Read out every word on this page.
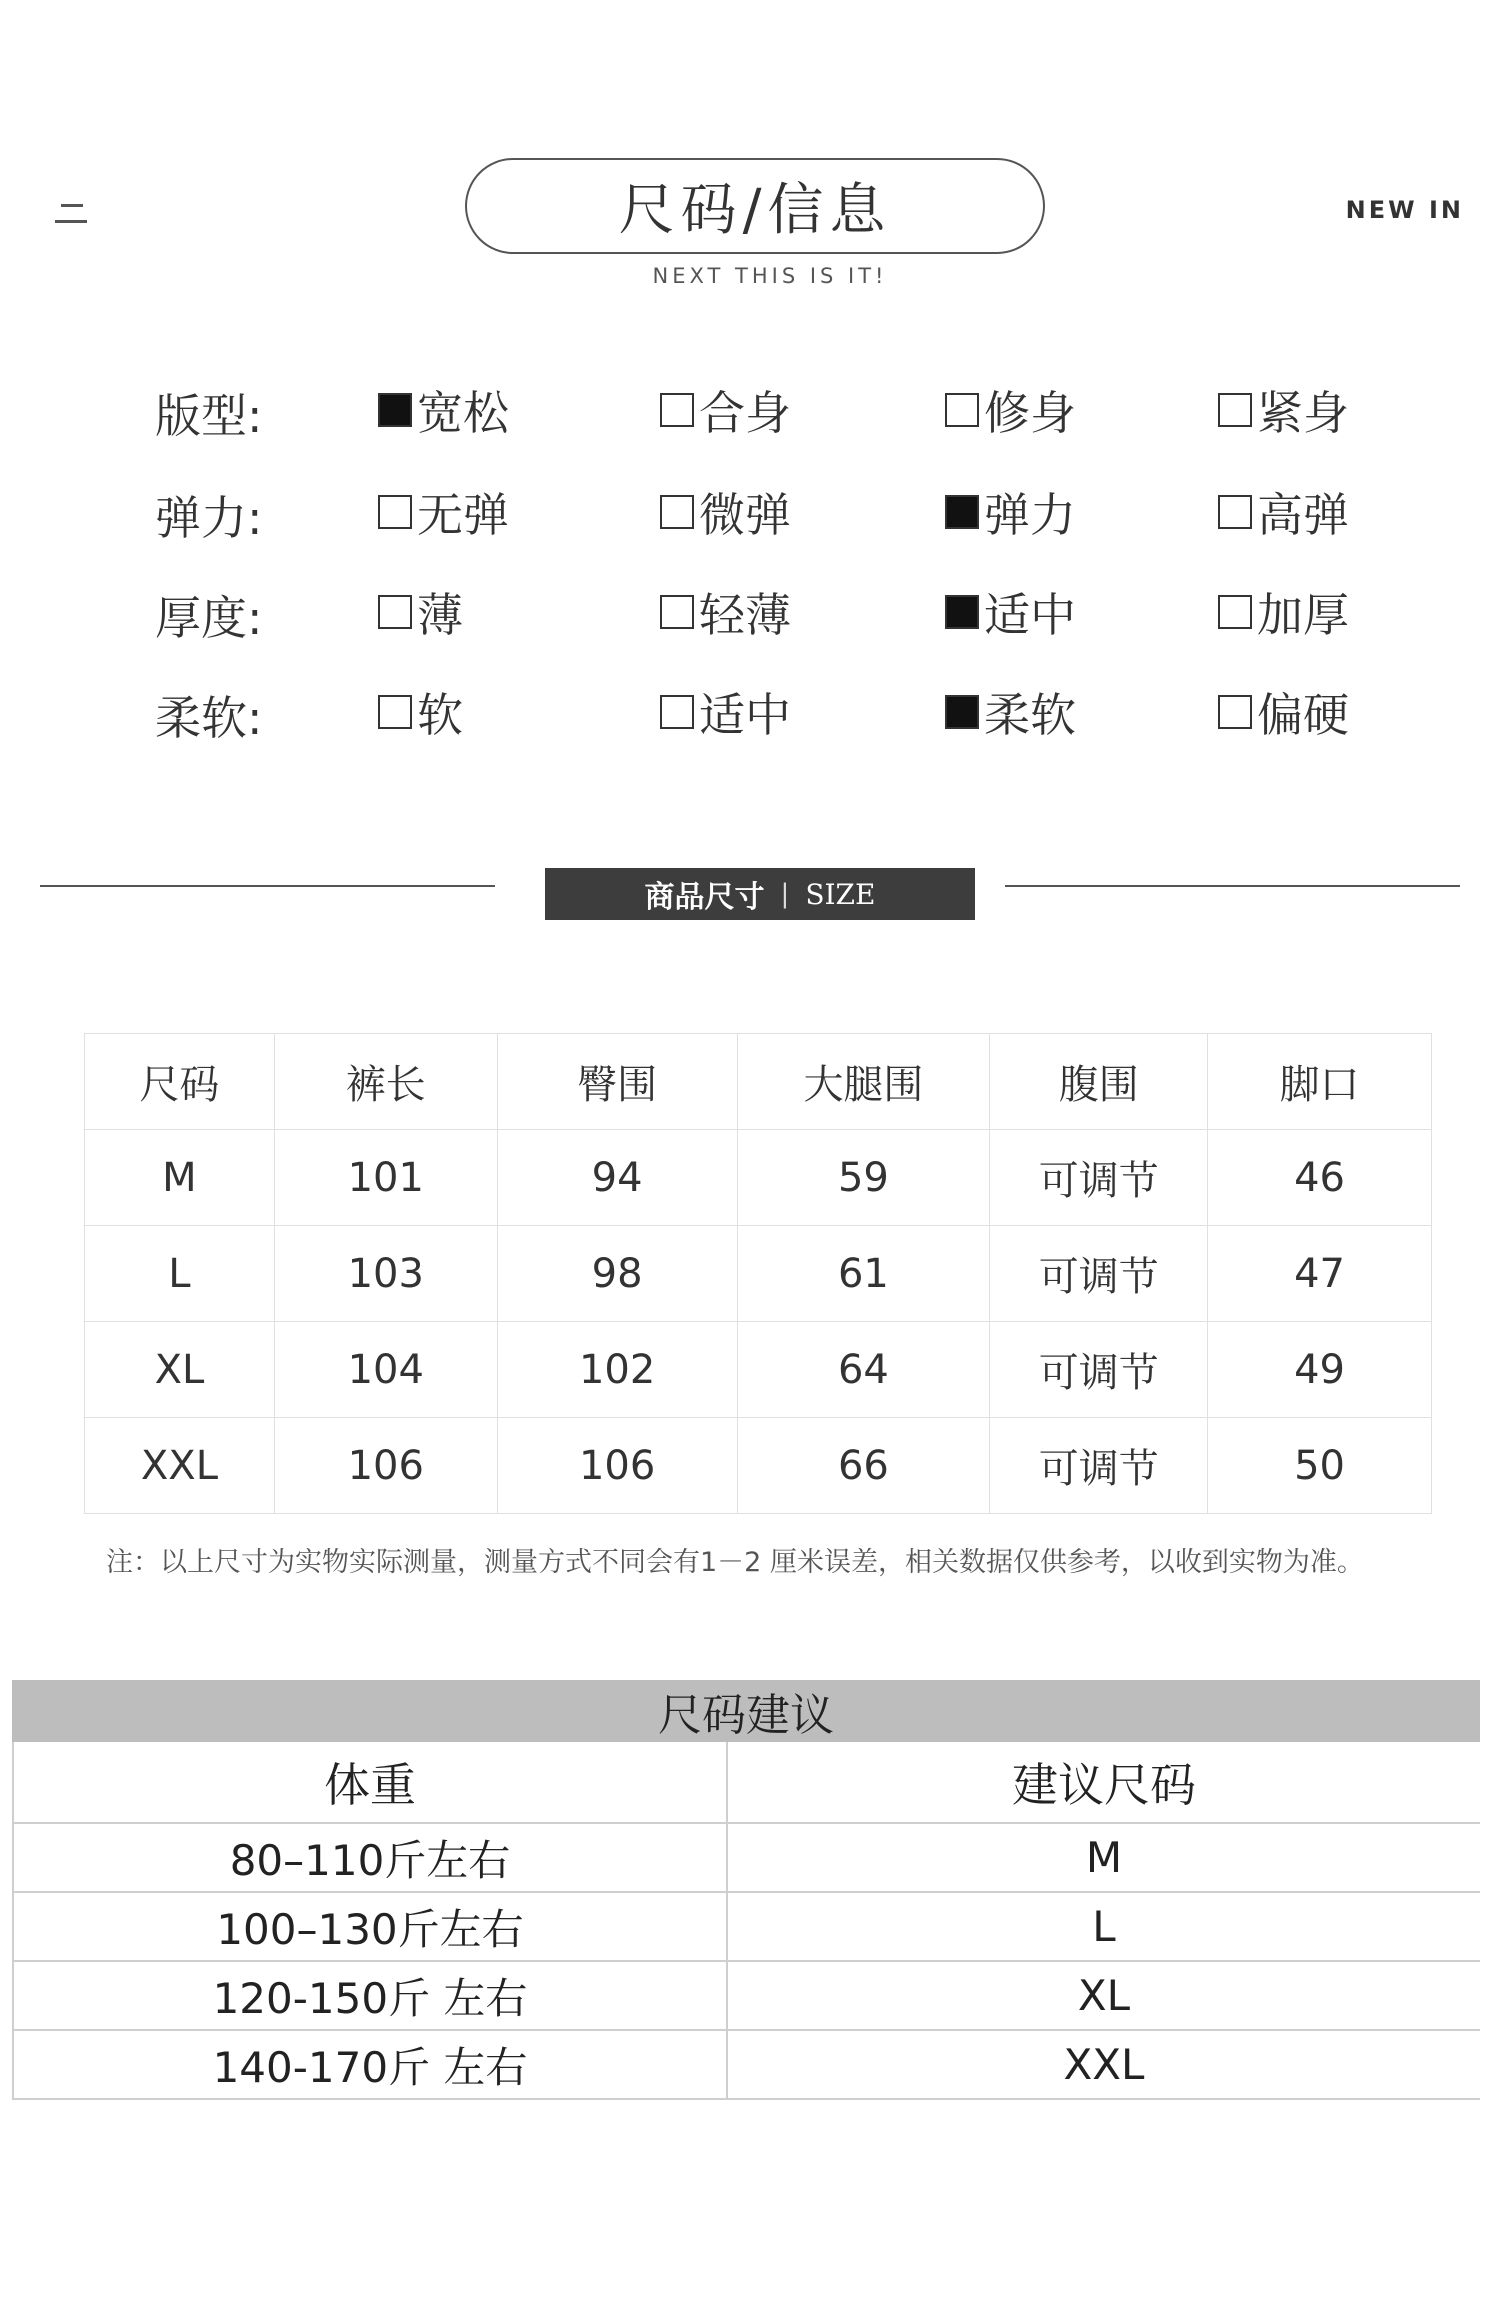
尺码/信息
NEXT THIS IS IT!
NEW IN
版型:	宽松	合身	修身	紧身
弹力:	无弹	微弹	弹力	高弹
厚度:	薄	轻薄	适中	加厚
柔软:	软	适中	柔软	偏硬
商品尺寸 | SIZE
尺码	裤长	臀围	大腿围	腹围	脚口
M	101	94	59	可调节	46
L	103	98	61	可调节	47
XL	104	102	64	可调节	49
XXL	106	106	66	可调节	50
注：以上尺寸为实物实际测量，测量方式不同会有1－2 厘米误差，相关数据仅供参考，以收到实物为准。
尺码建议
体重	建议尺码
80–110斤左右	M
100–130斤左右	L
120-150斤 左右	XL
140-170斤 左右	XXL
